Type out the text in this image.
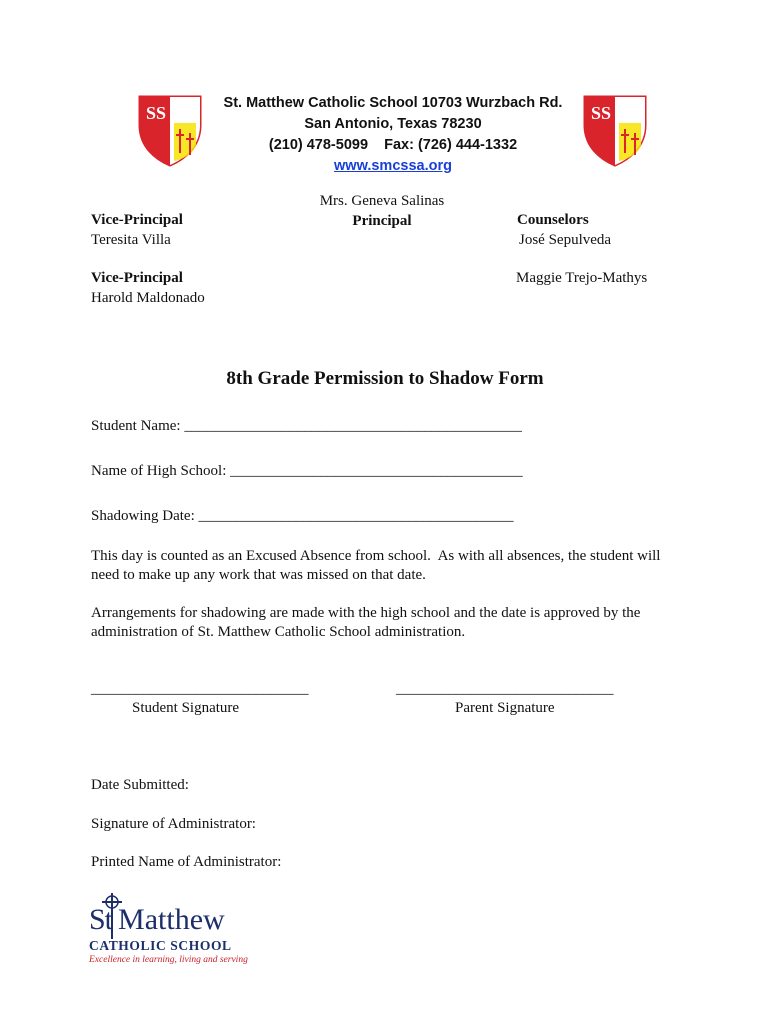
SS	SS
St. Matthew Catholic School 10703 Wurzbach Rd.
San Antonio, Texas 78230
(210) 478-5099    Fax: (726) 444-1332
www.smcssa.org
Mrs. Geneva Salinas
Principal
Vice-Principal
Teresita Villa
Counselors
José Sepulveda
Vice-Principal
Harold Maldonado
Maggie Trejo-Mathys
8th Grade Permission to Shadow Form
Student Name: _____________________________________________
Name of High School: _______________________________________
Shadowing Date: __________________________________________
This day is counted as an Excused Absence from school.  As with all absences, the student will
need to make up any work that was missed on that date.
Arrangements for shadowing are made with the high school and the date is approved by the
administration of St. Matthew Catholic School administration.
_____________________________
Student Signature
_____________________________
Parent Signature
Date Submitted:
Signature of Administrator:
Printed Name of Administrator:
St Matthew
CATHOLIC SCHOOL
Excellence in learning, living and serving
